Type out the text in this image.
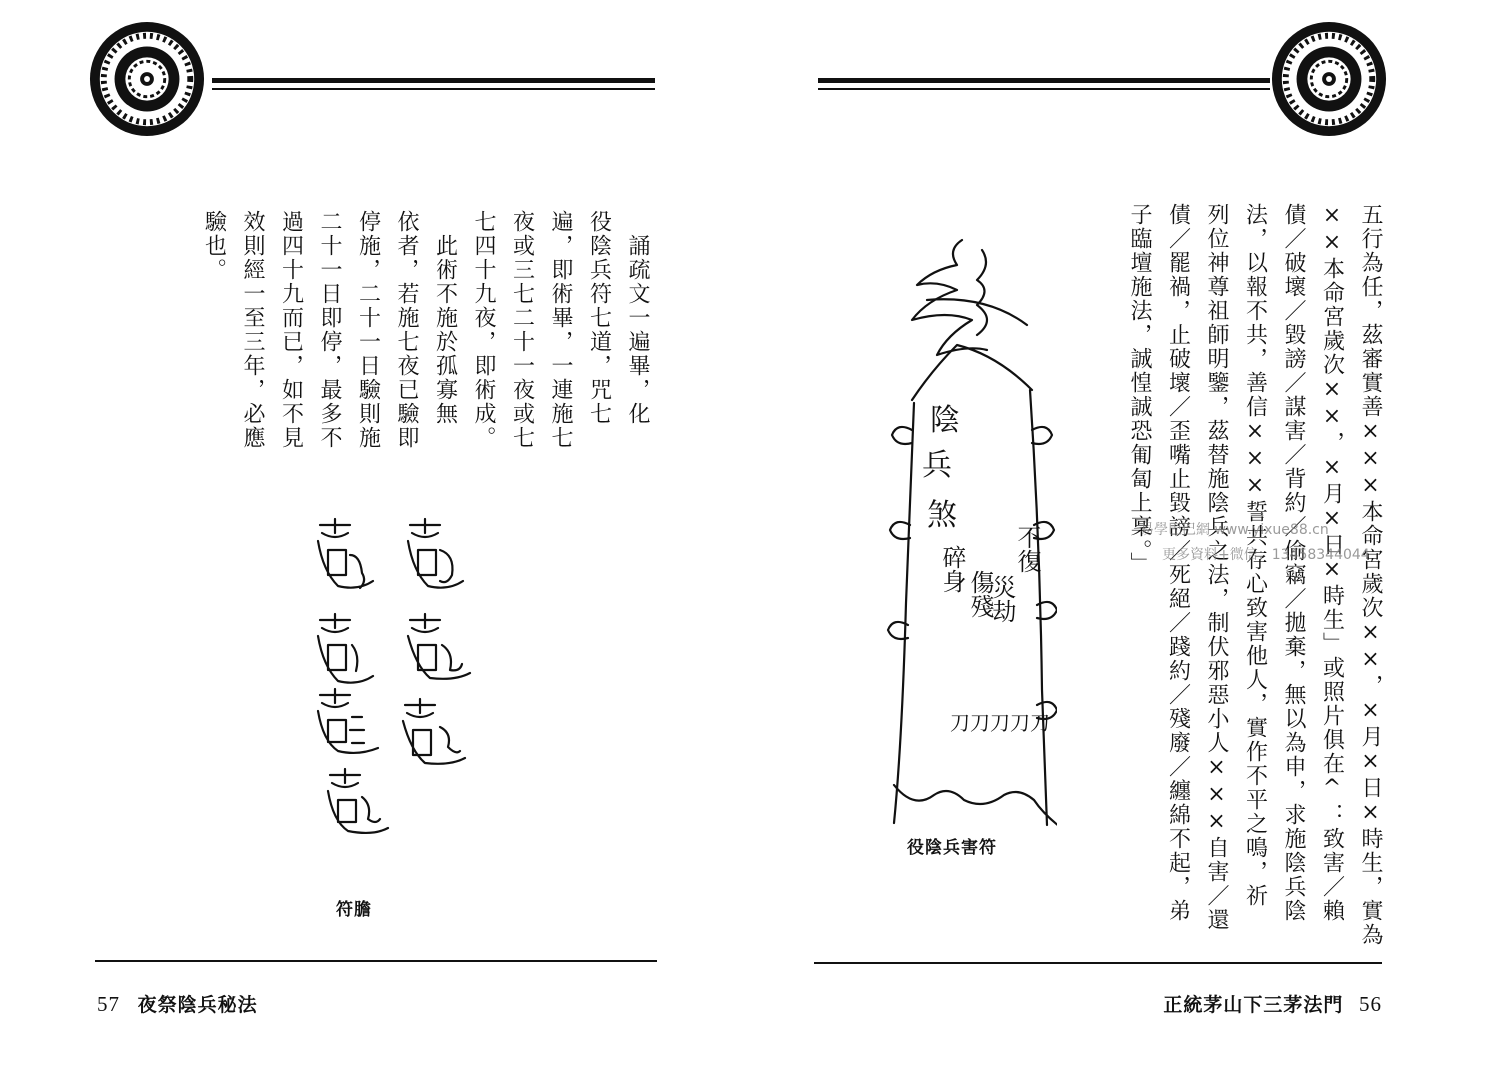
　誦疏文一遍畢，化
役陰兵符七道，咒七
遍，即術畢，一連施七
夜或三七二十一夜或七
七四十九夜，即術成。
　此術不施於孤寡無
依者，若施七夜已驗即
停施，二十一日驗則施
二十一日即停，最多不
過四十九而已，如不見
效則經一至三年，必應
驗也。
符膽
57 夜祭陰兵秘法
五行為任，茲審實善×××本命宮歲次××，×月×日×時生，實為
××本命宮歲次××，×月×日×時生」或照片俱在^：致害／賴
債／破壞／毀謗／謀害／背約／偷竊／拋棄，無以為申，求施陰兵陰
法，以報不共，善信×××誓共存心致害他人，實作不平之鳴，祈
列位神尊祖師明鑒，茲替施陰兵之法，制伏邪惡小人×××自害／還
債／罷禍，止破壞／歪嘴止毀謗／死絕／踐約／殘廢／纏綿不起，弟
子臨壇施法，誠惶誠恐匍匐上稟。」
陰
兵
煞
不復
災劫
碎身
傷殘
刀刀刀刀刀
役陰兵害符
易學巴巴網 www.yixue88.cn
更多資料+微信：13458344044
正統茅山下三茅法門 56
